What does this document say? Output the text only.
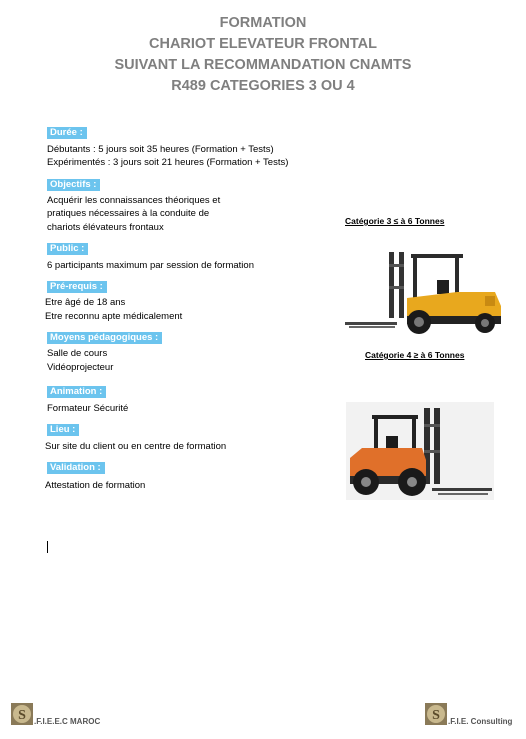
FORMATION
CHARIOT ELEVATEUR FRONTAL
SUIVANT LA RECOMMANDATION CNAMTS
R489 CATEGORIES 3 OU 4
Durée :
Débutants : 5 jours soit 35 heures (Formation + Tests)
Expérimentés : 3 jours soit 21 heures (Formation + Tests)
Objectifs :
Acquérir les connaissances théoriques et
pratiques nécessaires à la conduite de
chariots élévateurs frontaux
Public :
6 participants maximum par session de formation
Pré-requis :
Etre âgé de 18 ans
Etre reconnu apte médicalement
Moyens pédagogiques :
Salle de cours
Vidéoprojecteur
Animation :
Formateur Sécurité
Lieu :
Sur site du client ou en centre de formation
Validation :
Attestation de formation
Catégorie 3 ≤ à 6 Tonnes
Catégorie 4 ≥ à 6 Tonnes
S .F.I.E.E.C MAROC	S .F.I.E. Consulting
